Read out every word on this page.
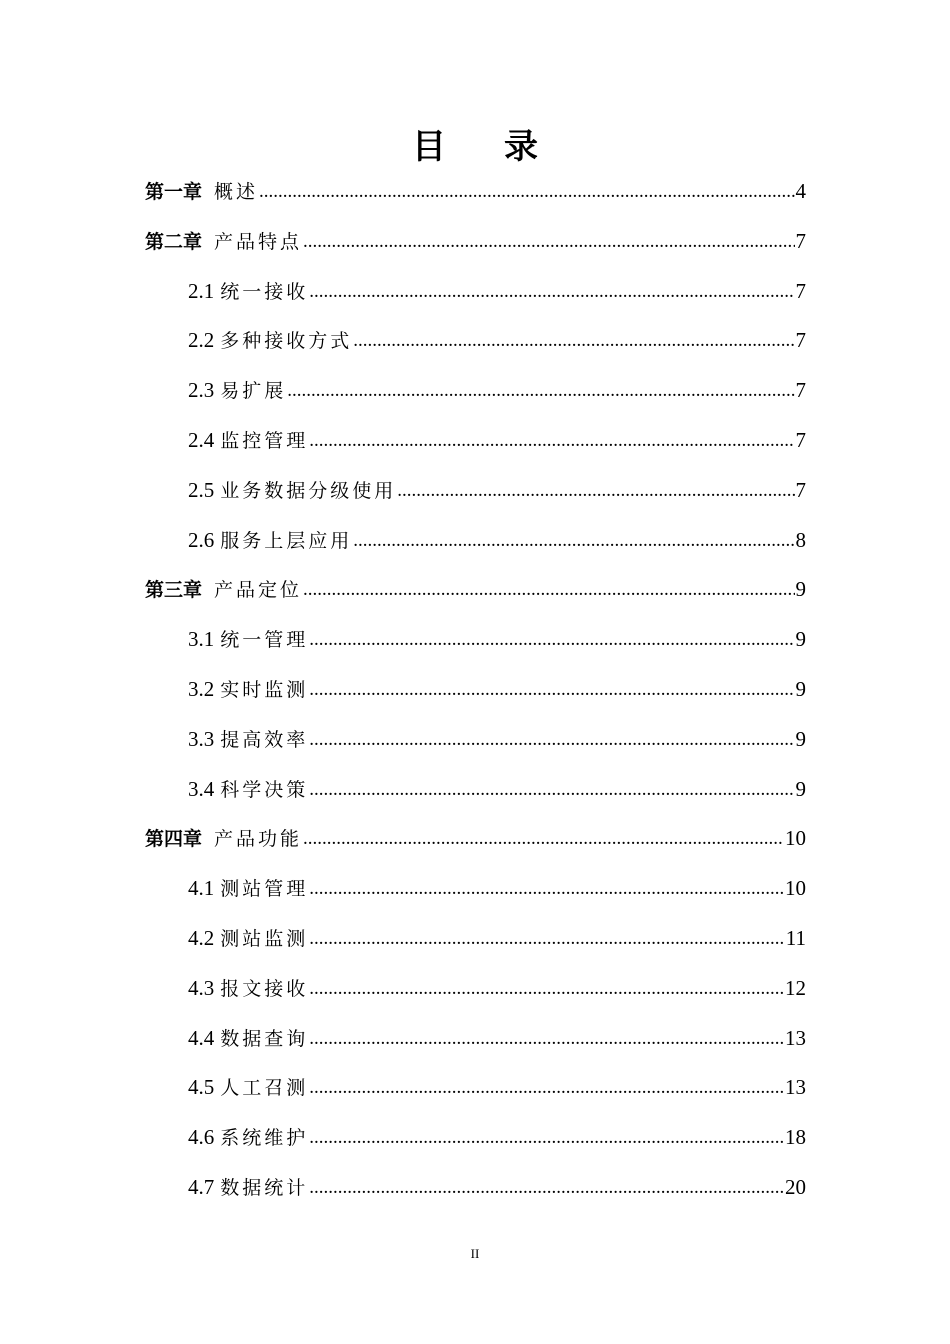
目 录
第一章 概述 .....	4
第二章 产品特点 .....	7
2.1 统一接收 .....	7
2.2 多种接收方式 .....	7
2.3 易扩展 .....	7
2.4 监控管理 .....	7
2.5 业务数据分级使用 .....	7
2.6 服务上层应用 .....	8
第三章 产品定位 .....	9
3.1 统一管理 .....	9
3.2 实时监测 .....	9
3.3 提高效率 .....	9
3.4 科学决策 .....	9
第四章 产品功能 .....	10
4.1 测站管理 .....	10
4.2 测站监测 .....	11
4.3 报文接收 .....	12
4.4 数据查询 .....	13
4.5 人工召测 .....	13
4.6 系统维护 .....	18
4.7 数据统计 .....	20
II
